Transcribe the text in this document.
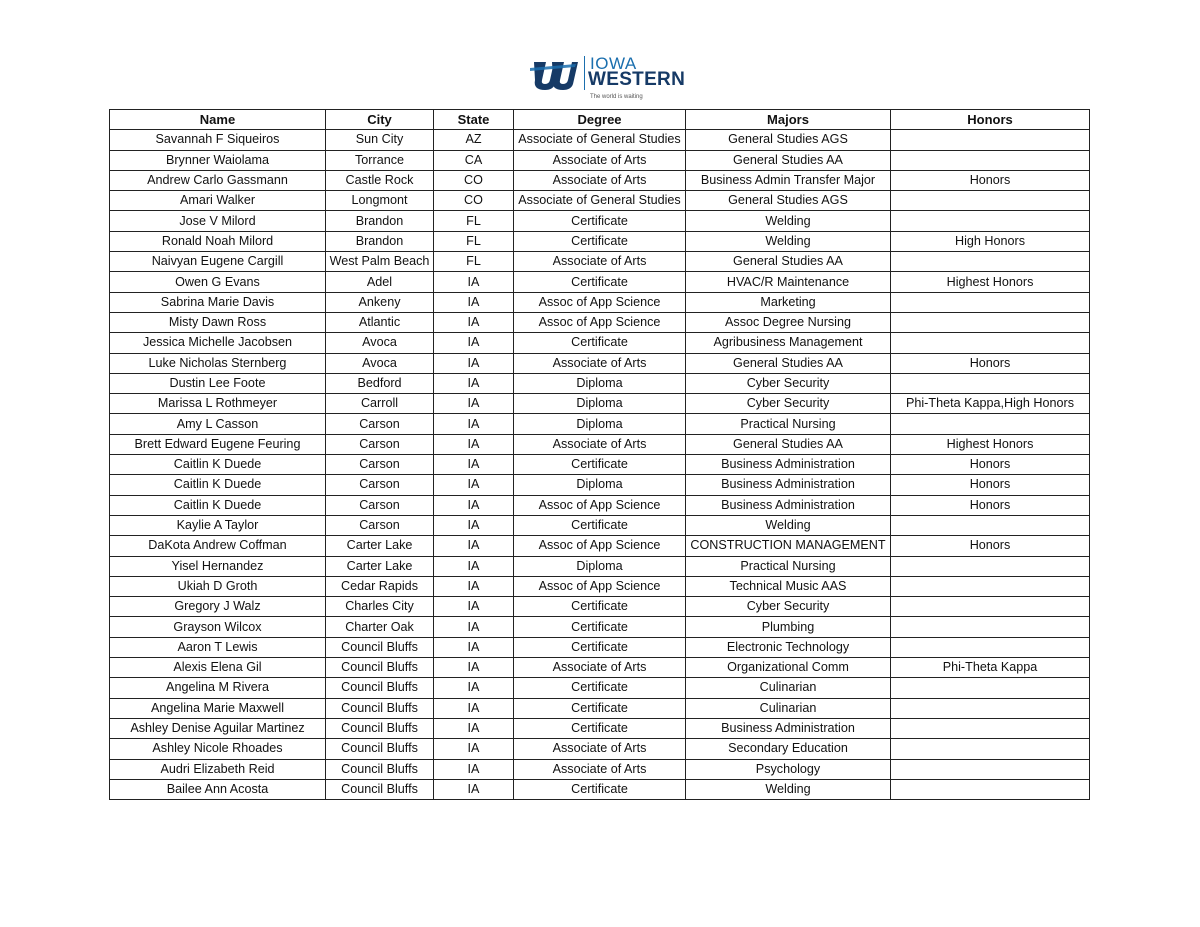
IOWA
WESTERN
The world is waiting
Name	City	State	Degree	Majors	Honors
Savannah F Siqueiros	Sun City	AZ	Associate of General Studies	General Studies AGS	
Brynner Waiolama	Torrance	CA	Associate of Arts	General Studies AA	
Andrew Carlo Gassmann	Castle Rock	CO	Associate of Arts	Business Admin Transfer Major	Honors
Amari Walker	Longmont	CO	Associate of General Studies	General Studies AGS	
Jose V Milord	Brandon	FL	Certificate	Welding	
Ronald Noah Milord	Brandon	FL	Certificate	Welding	High Honors
Naivyan Eugene Cargill	West Palm Beach	FL	Associate of Arts	General Studies AA	
Owen G Evans	Adel	IA	Certificate	HVAC/R Maintenance	Highest Honors
Sabrina Marie Davis	Ankeny	IA	Assoc of App Science	Marketing	
Misty Dawn Ross	Atlantic	IA	Assoc of App Science	Assoc Degree Nursing	
Jessica Michelle Jacobsen	Avoca	IA	Certificate	Agribusiness Management	
Luke Nicholas Sternberg	Avoca	IA	Associate of Arts	General Studies AA	Honors
Dustin Lee Foote	Bedford	IA	Diploma	Cyber Security	
Marissa L Rothmeyer	Carroll	IA	Diploma	Cyber Security	Phi-Theta Kappa,High Honors
Amy L Casson	Carson	IA	Diploma	Practical Nursing	
Brett Edward Eugene Feuring	Carson	IA	Associate of Arts	General Studies AA	Highest Honors
Caitlin K Duede	Carson	IA	Certificate	Business Administration	Honors
Caitlin K Duede	Carson	IA	Diploma	Business Administration	Honors
Caitlin K Duede	Carson	IA	Assoc of App Science	Business Administration	Honors
Kaylie A Taylor	Carson	IA	Certificate	Welding	
DaKota Andrew Coffman	Carter Lake	IA	Assoc of App Science	CONSTRUCTION MANAGEMENT	Honors
Yisel Hernandez	Carter Lake	IA	Diploma	Practical Nursing	
Ukiah D Groth	Cedar Rapids	IA	Assoc of App Science	Technical Music AAS	
Gregory J Walz	Charles City	IA	Certificate	Cyber Security	
Grayson Wilcox	Charter Oak	IA	Certificate	Plumbing	
Aaron T Lewis	Council Bluffs	IA	Certificate	Electronic Technology	
Alexis Elena Gil	Council Bluffs	IA	Associate of Arts	Organizational Comm	Phi-Theta Kappa
Angelina M Rivera	Council Bluffs	IA	Certificate	Culinarian	
Angelina Marie Maxwell	Council Bluffs	IA	Certificate	Culinarian	
Ashley Denise Aguilar Martinez	Council Bluffs	IA	Certificate	Business Administration	
Ashley Nicole Rhoades	Council Bluffs	IA	Associate of Arts	Secondary Education	
Audri Elizabeth Reid	Council Bluffs	IA	Associate of Arts	Psychology	
Bailee Ann Acosta	Council Bluffs	IA	Certificate	Welding	
